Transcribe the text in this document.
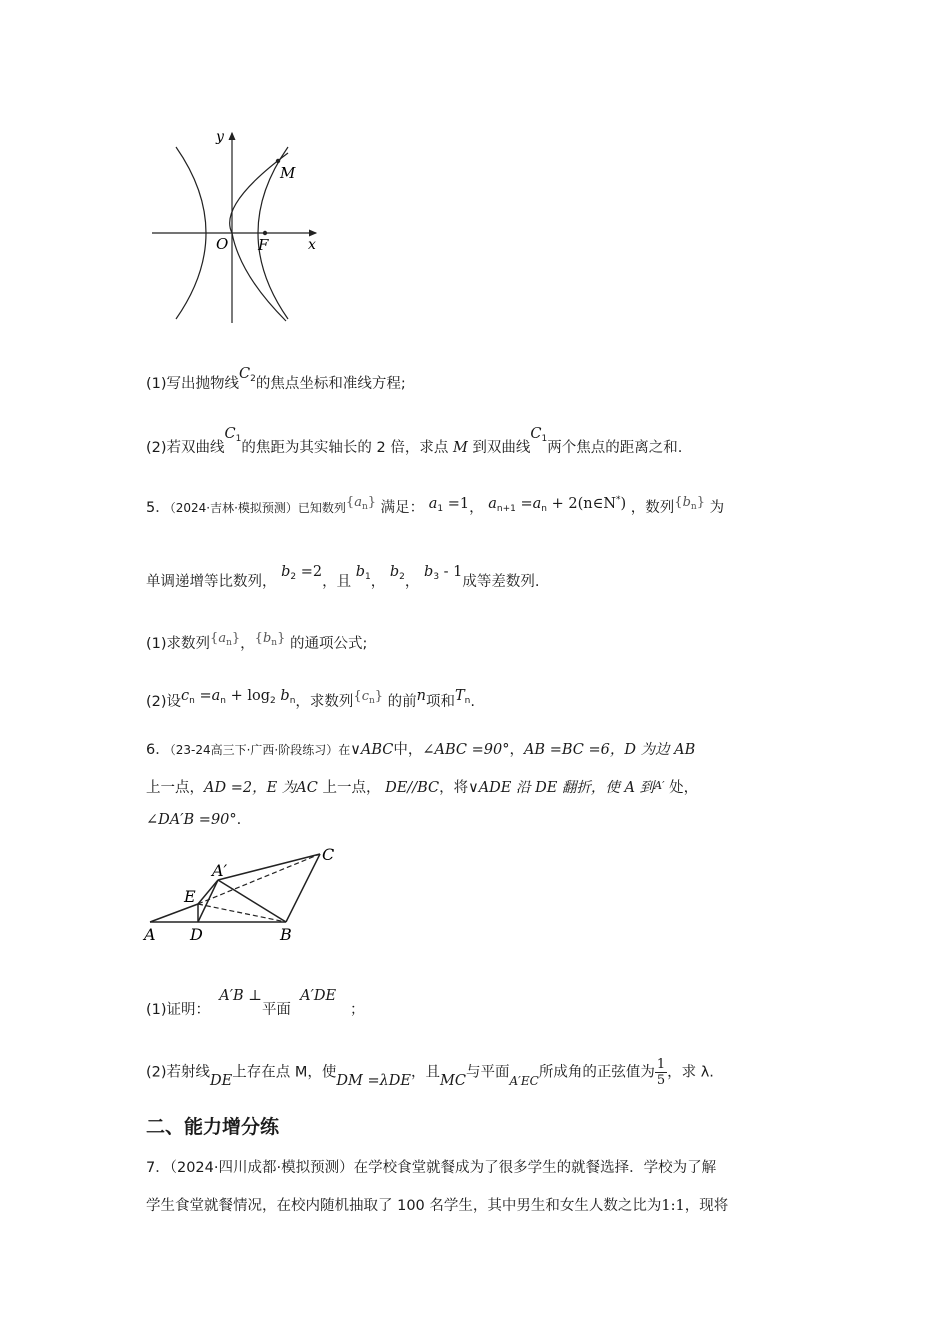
y
M
O F	x
(1)写出抛物线$C^2$的焦点坐标和准线方程;
(2)若双曲线$C^1$的焦距为其实轴长的 2 倍，求点 M 到双曲线$C^1$两个焦点的距离之和.
5．（2024·吉林·模拟预测）已知数列$\{a_n\}$ 满足： $a_1 =1$， $a_{n+1} =a_n$ + 2(n∈N*) ，数列$\{b_n\}$ 为
单调递增等比数列， $b_2 =2$，且 $b_1$， $b_2$， $b_3 - 1$成等差数列.
(1)求数列$\{a_n\}$，$\{b_n\}$ 的通项公式;
(2)设$c_n =a_n + \log_2 b_n$，求数列$\{c_n\}$ 的前n项和$T_n$.
6．（23-24高三下·广西·阶段练习）在∨ABC中，∠ABC =90°，AB =BC =6，D 为边 AB
上一点，AD =2，E 为AC 上一点， DE//BC，将∨ADE 沿 DE 翻折，使 A 到$^{A'}$ 处，
∠DA′B =90°.
A D	B
E
A′
C
(1)证明：  A′B ⊥平面  A′DE   ；
(2)若射线DE上存在点 M，使DM =λDE，且MC与平面$_{A'EC}$所成角的正弦值为 $\frac{1}{5}$ ，求 λ.
二、能力增分练
7．（2024·四川成都·模拟预测）在学校食堂就餐成为了很多学生的就餐选择．学校为了解
学生食堂就餐情况，在校内随机抽取了 100 名学生，其中男生和女生人数之比为1:1，现将
